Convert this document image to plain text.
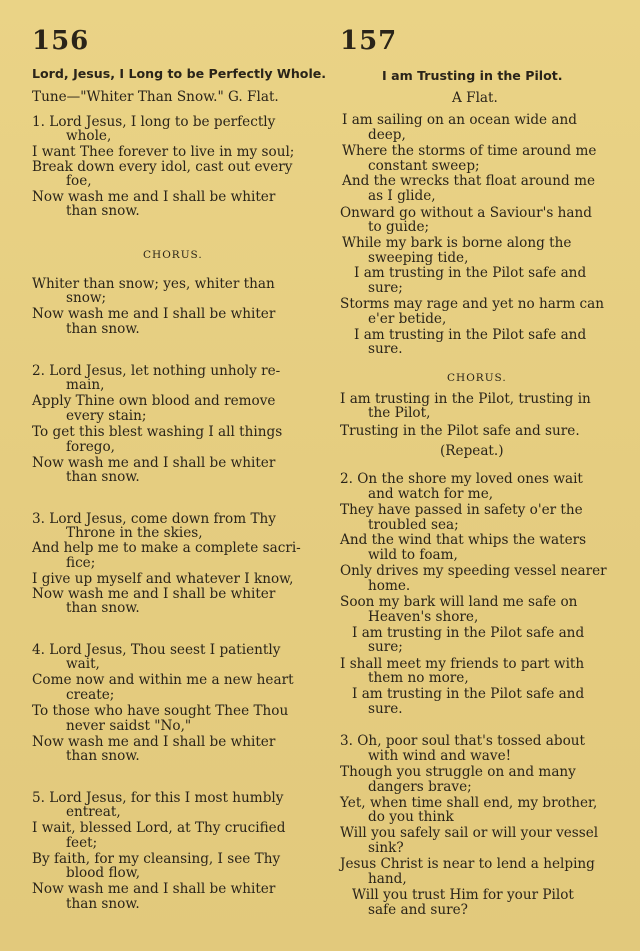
156
Lord, Jesus, I Long to be Perfectly Whole.
Tune—"Whiter Than Snow." G. Flat.
1. Lord Jesus, I long to be perfectly
whole,
I want Thee forever to live in my soul;
Break down every idol, cast out every
foe,
Now wash me and I shall be whiter
than snow.
CHORUS.
Whiter than snow; yes, whiter than
snow;
Now wash me and I shall be whiter
than snow.
2. Lord Jesus, let nothing unholy re-
main,
Apply Thine own blood and remove
every stain;
To get this blest washing I all things
forego,
Now wash me and I shall be whiter
than snow.
3. Lord Jesus, come down from Thy
Throne in the skies,
And help me to make a complete sacri-
fice;
I give up myself and whatever I know,
Now wash me and I shall be whiter
than snow.
4. Lord Jesus, Thou seest I patiently
wait,
Come now and within me a new heart
create;
To those who have sought Thee Thou
never saidst "No,"
Now wash me and I shall be whiter
than snow.
5. Lord Jesus, for this I most humbly
entreat,
I wait, blessed Lord, at Thy crucified
feet;
By faith, for my cleansing, I see Thy
blood flow,
Now wash me and I shall be whiter
than snow.
157
I am Trusting in the Pilot.
A Flat.
I am sailing on an ocean wide and
deep,
Where the storms of time around me
constant sweep;
And the wrecks that float around me
as I glide,
Onward go without a Saviour's hand
to guide;
While my bark is borne along the
sweeping tide,
I am trusting in the Pilot safe and
sure;
Storms may rage and yet no harm can
e'er betide,
I am trusting in the Pilot safe and
sure.
CHORUS.
I am trusting in the Pilot, trusting in
the Pilot,
Trusting in the Pilot safe and sure.
(Repeat.)
2. On the shore my loved ones wait
and watch for me,
They have passed in safety o'er the
troubled sea;
And the wind that whips the waters
wild to foam,
Only drives my speeding vessel nearer
home.
Soon my bark will land me safe on
Heaven's shore,
I am trusting in the Pilot safe and
sure;
I shall meet my friends to part with
them no more,
I am trusting in the Pilot safe and
sure.
3. Oh, poor soul that's tossed about
with wind and wave!
Though you struggle on and many
dangers brave;
Yet, when time shall end, my brother,
do you think
Will you safely sail or will your vessel
sink?
Jesus Christ is near to lend a helping
hand,
Will you trust Him for your Pilot
safe and sure?
